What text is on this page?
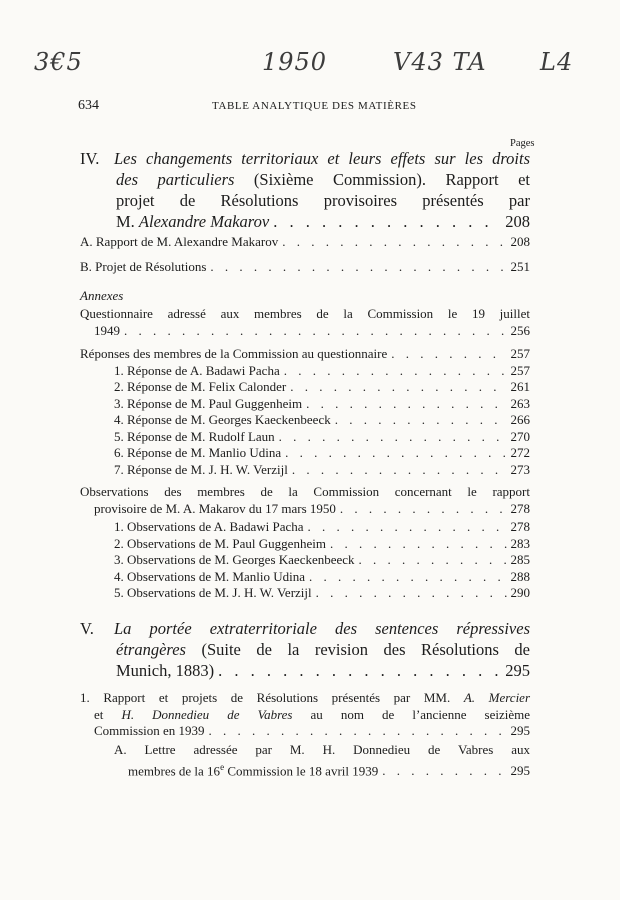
3€5	1950	V43 TA L4
634	TABLE ANALYTIQUE DES MATIÈRES
Pages
IV. Les changements territoriaux et leurs effets sur les droits
des particuliers (Sixième Commission). Rapport et
projet de Résolutions provisoires présentés par
M. Alexandre Makarov . . .	208
A. Rapport de M. Alexandre Makarov . . .	208
B. Projet de Résolutions . . .	251
Annexes
Questionnaire adressé aux membres de la Commission le 19 juillet
1949 . . .	256
Réponses des membres de la Commission au questionnaire . . .	257
1. Réponse de A. Badawi Pacha . . .	257
2. Réponse de M. Felix Calonder . . .	261
3. Réponse de M. Paul Guggenheim . . .	263
4. Réponse de M. Georges Kaeckenbeeck . . .	266
5. Réponse de M. Rudolf Laun . . .	270
6. Réponse de M. Manlio Udina . . .	272
7. Réponse de M. J. H. W. Verzijl . . .	273
Observations des membres de la Commission concernant le rapport
provisoire de M. A. Makarov du 17 mars 1950 . . .	278
1. Observations de A. Badawi Pacha . . .	278
2. Observations de M. Paul Guggenheim . . .	283
3. Observations de M. Georges Kaeckenbeeck . . .	285
4. Observations de M. Manlio Udina . . .	288
5. Observations de M. J. H. W. Verzijl . . .	290
V. La portée extraterritoriale des sentences répressives
étrangères (Suite de la revision des Résolutions de
Munich, 1883) . . .	295
1. Rapport et projets de Résolutions présentés par MM. A. Mercier
et H. Donnedieu de Vabres au nom de l’ancienne seizième
Commission en 1939 . . .	295
A. Lettre adressée par M. H. Donnedieu de Vabres aux
membres de la 16e Commission le 18 avril 1939 . . .	295
